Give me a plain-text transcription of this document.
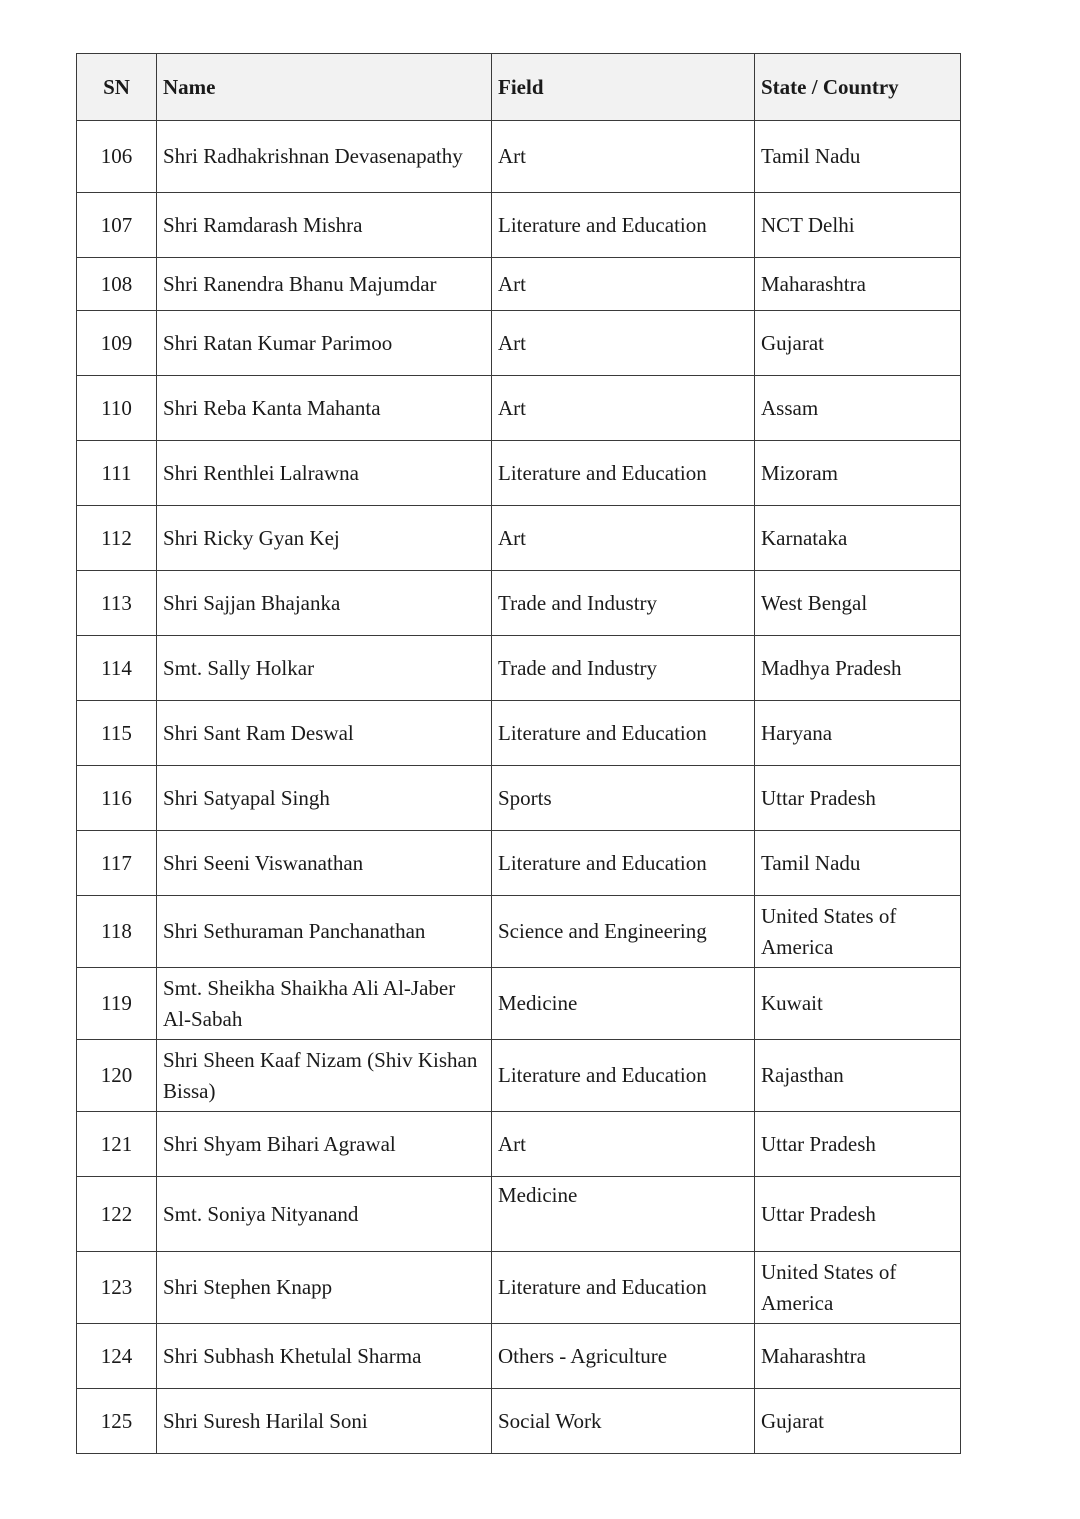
SN	Name	Field	State / Country
106	Shri Radhakrishnan Devasenapathy	Art	Tamil Nadu
107	Shri Ramdarash Mishra	Literature and Education	NCT Delhi
108	Shri Ranendra Bhanu Majumdar	Art	Maharashtra
109	Shri Ratan Kumar Parimoo	Art	Gujarat
110	Shri Reba Kanta Mahanta	Art	Assam
111	Shri Renthlei Lalrawna	Literature and Education	Mizoram
112	Shri Ricky Gyan Kej	Art	Karnataka
113	Shri Sajjan Bhajanka	Trade and Industry	West Bengal
114	Smt. Sally Holkar	Trade and Industry	Madhya Pradesh
115	Shri Sant Ram Deswal	Literature and Education	Haryana
116	Shri Satyapal Singh	Sports	Uttar Pradesh
117	Shri Seeni Viswanathan	Literature and Education	Tamil Nadu
118	Shri Sethuraman Panchanathan	Science and Engineering	United States of America
119	Smt. Sheikha Shaikha Ali Al-Jaber Al-Sabah	Medicine	Kuwait
120	Shri Sheen Kaaf Nizam (Shiv Kishan Bissa)	Literature and Education	Rajasthan
121	Shri Shyam Bihari Agrawal	Art	Uttar Pradesh
122	Smt. Soniya Nityanand	Medicine	Uttar Pradesh
123	Shri Stephen Knapp	Literature and Education	United States of America
124	Shri Subhash Khetulal Sharma	Others - Agriculture	Maharashtra
125	Shri Suresh Harilal Soni	Social Work	Gujarat
